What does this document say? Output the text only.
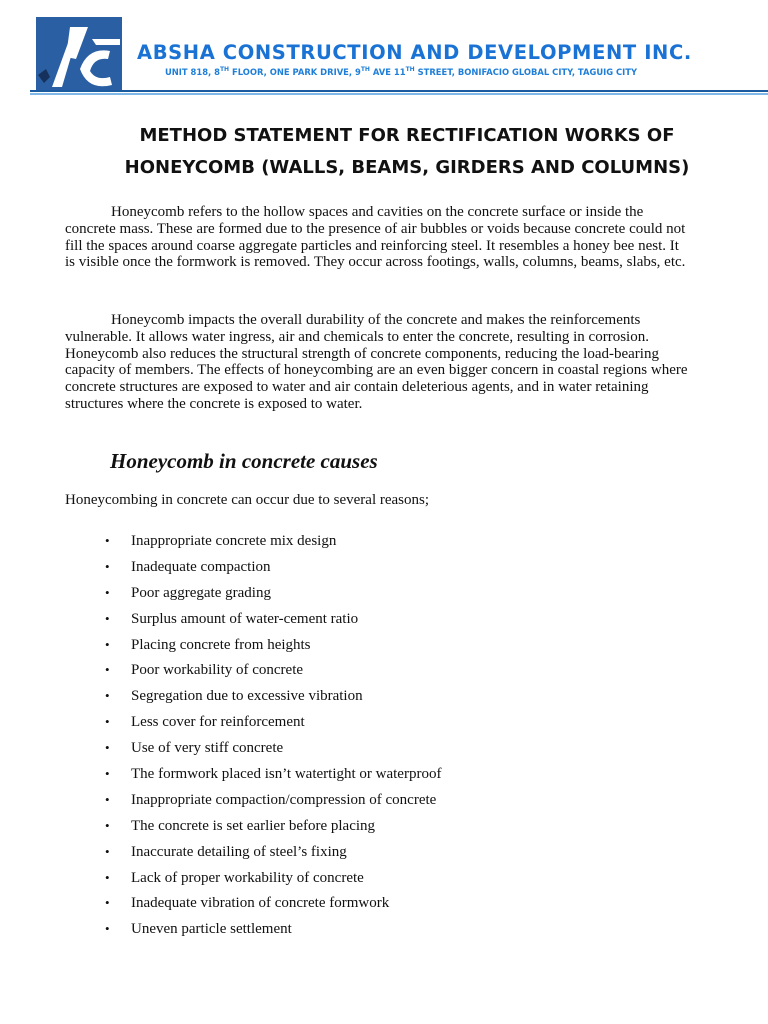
ABSHA CONSTRUCTION AND DEVELOPMENT INC.
UNIT 818, 8TH FLOOR, ONE PARK DRIVE, 9TH AVE 11TH STREET, BONIFACIO GLOBAL CITY, TAGUIG CITY
METHOD STATEMENT FOR RECTIFICATION WORKS OF
HONEYCOMB (WALLS, BEAMS, GIRDERS AND COLUMNS)

Honeycomb refers to the hollow spaces and cavities on the concrete surface or inside the concrete mass. These are formed due to the presence of air bubbles or voids because concrete could not fill the spaces around coarse aggregate particles and reinforcing steel. It resembles a honey bee nest. It is visible once the formwork is removed. They occur across footings, walls, columns, beams, slabs, etc.

Honeycomb impacts the overall durability of the concrete and makes the reinforcements vulnerable. It allows water ingress, air and chemicals to enter the concrete, resulting in corrosion. Honeycomb also reduces the structural strength of concrete components, reducing the load-bearing capacity of members. The effects of honeycombing are an even bigger concern in coastal regions where concrete structures are exposed to water and air contain deleterious agents, and in water retaining structures where the concrete is exposed to water.

Honeycomb in concrete causes

Honeycombing in concrete can occur due to several reasons;

• Inappropriate concrete mix design
• Inadequate compaction
• Poor aggregate grading
• Surplus amount of water-cement ratio
• Placing concrete from heights
• Poor workability of concrete
• Segregation due to excessive vibration
• Less cover for reinforcement
• Use of very stiff concrete
• The formwork placed isn’t watertight or waterproof
• Inappropriate compaction/compression of concrete
• The concrete is set earlier before placing
• Inaccurate detailing of steel’s fixing
• Lack of proper workability of concrete
• Inadequate vibration of concrete formwork
• Uneven particle settlement
